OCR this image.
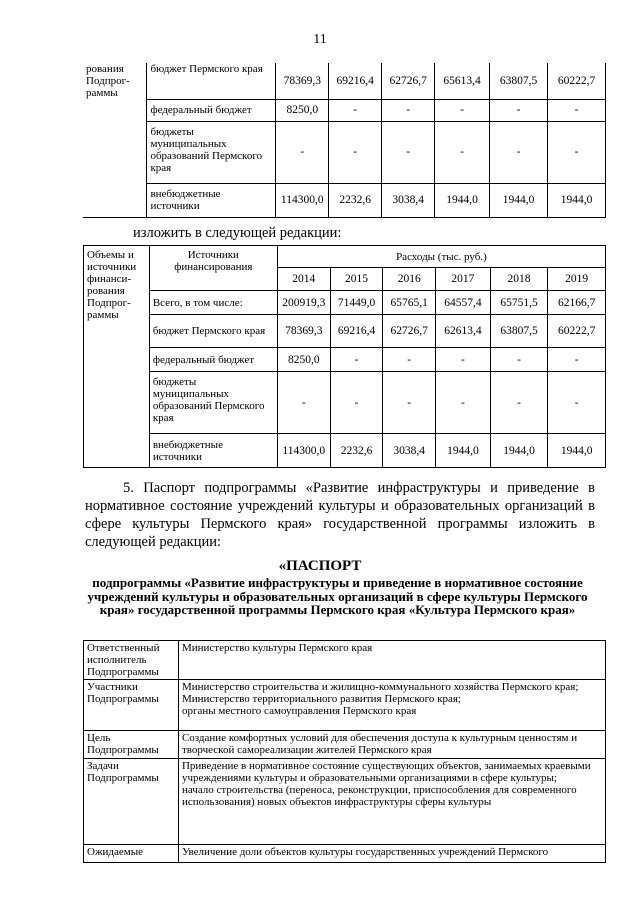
11
рования
Подпрог-
раммы	бюджет Пермского края	78369,3	69216,4	62726,7	65613,4	63807,5	60222,7
	федеральный бюджет	8250,0	-	-	-	-	-
	бюджеты муниципальных образований Пермского края	-	-	-	-	-	-
	внебюджетные источники	114300,0	2232,6	3038,4	1944,0	1944,0	1944,0
изложить в следующей редакции:
Объемы и источники финанси-рования Подпрог-раммы	Источники финансирования	Расходы (тыс. руб.)					
		2014	2015	2016	2017	2018	2019
	Всего, в том числе:	200919,3	71449,0	65765,1	64557,4	65751,5	62166,7
	бюджет Пермского края	78369,3	69216,4	62726,7	62613,4	63807,5	60222,7
	федеральный бюджет	8250,0	-	-	-	-	-
	бюджеты муниципальных образований Пермского края	-	-	-	-	-	-
	внебюджетные источники	114300,0	2232,6	3038,4	1944,0	1944,0	1944,0
5. Паспорт подпрограммы «Развитие инфраструктуры и приведение в нормативное состояние учреждений культуры и образовательных организаций в сфере культуры Пермского края» государственной программы изложить в следующей редакции:
«ПАСПОРТ
подпрограммы «Развитие инфраструктуры и приведение в нормативное состояние учреждений культуры и образовательных организаций в сфере культуры Пермского края» государственной программы Пермского края «Культура Пермского края»
Ответственный исполнитель Подпрограммы	Министерство культуры Пермского края
Участники Подпрограммы	Министерство строительства и жилищно-коммунального хозяйства Пермского края;
Министерство территориального развития Пермского края;
органы местного самоуправления Пермского края
Цель Подпрограммы	Создание комфортных условий для обеспечения доступа к культурным ценностям и творческой самореализации жителей Пермского края
Задачи Подпрограммы	Приведение в нормативное состояние существующих объектов, занимаемых краевыми учреждениями культуры и образовательными организациями в сфере культуры;
начало строительства (переноса, реконструкции, приспособления для современного использования) новых объектов инфраструктуры сферы культуры
Ожидаемые	Увеличение доли объектов культуры государственных учреждений Пермского
